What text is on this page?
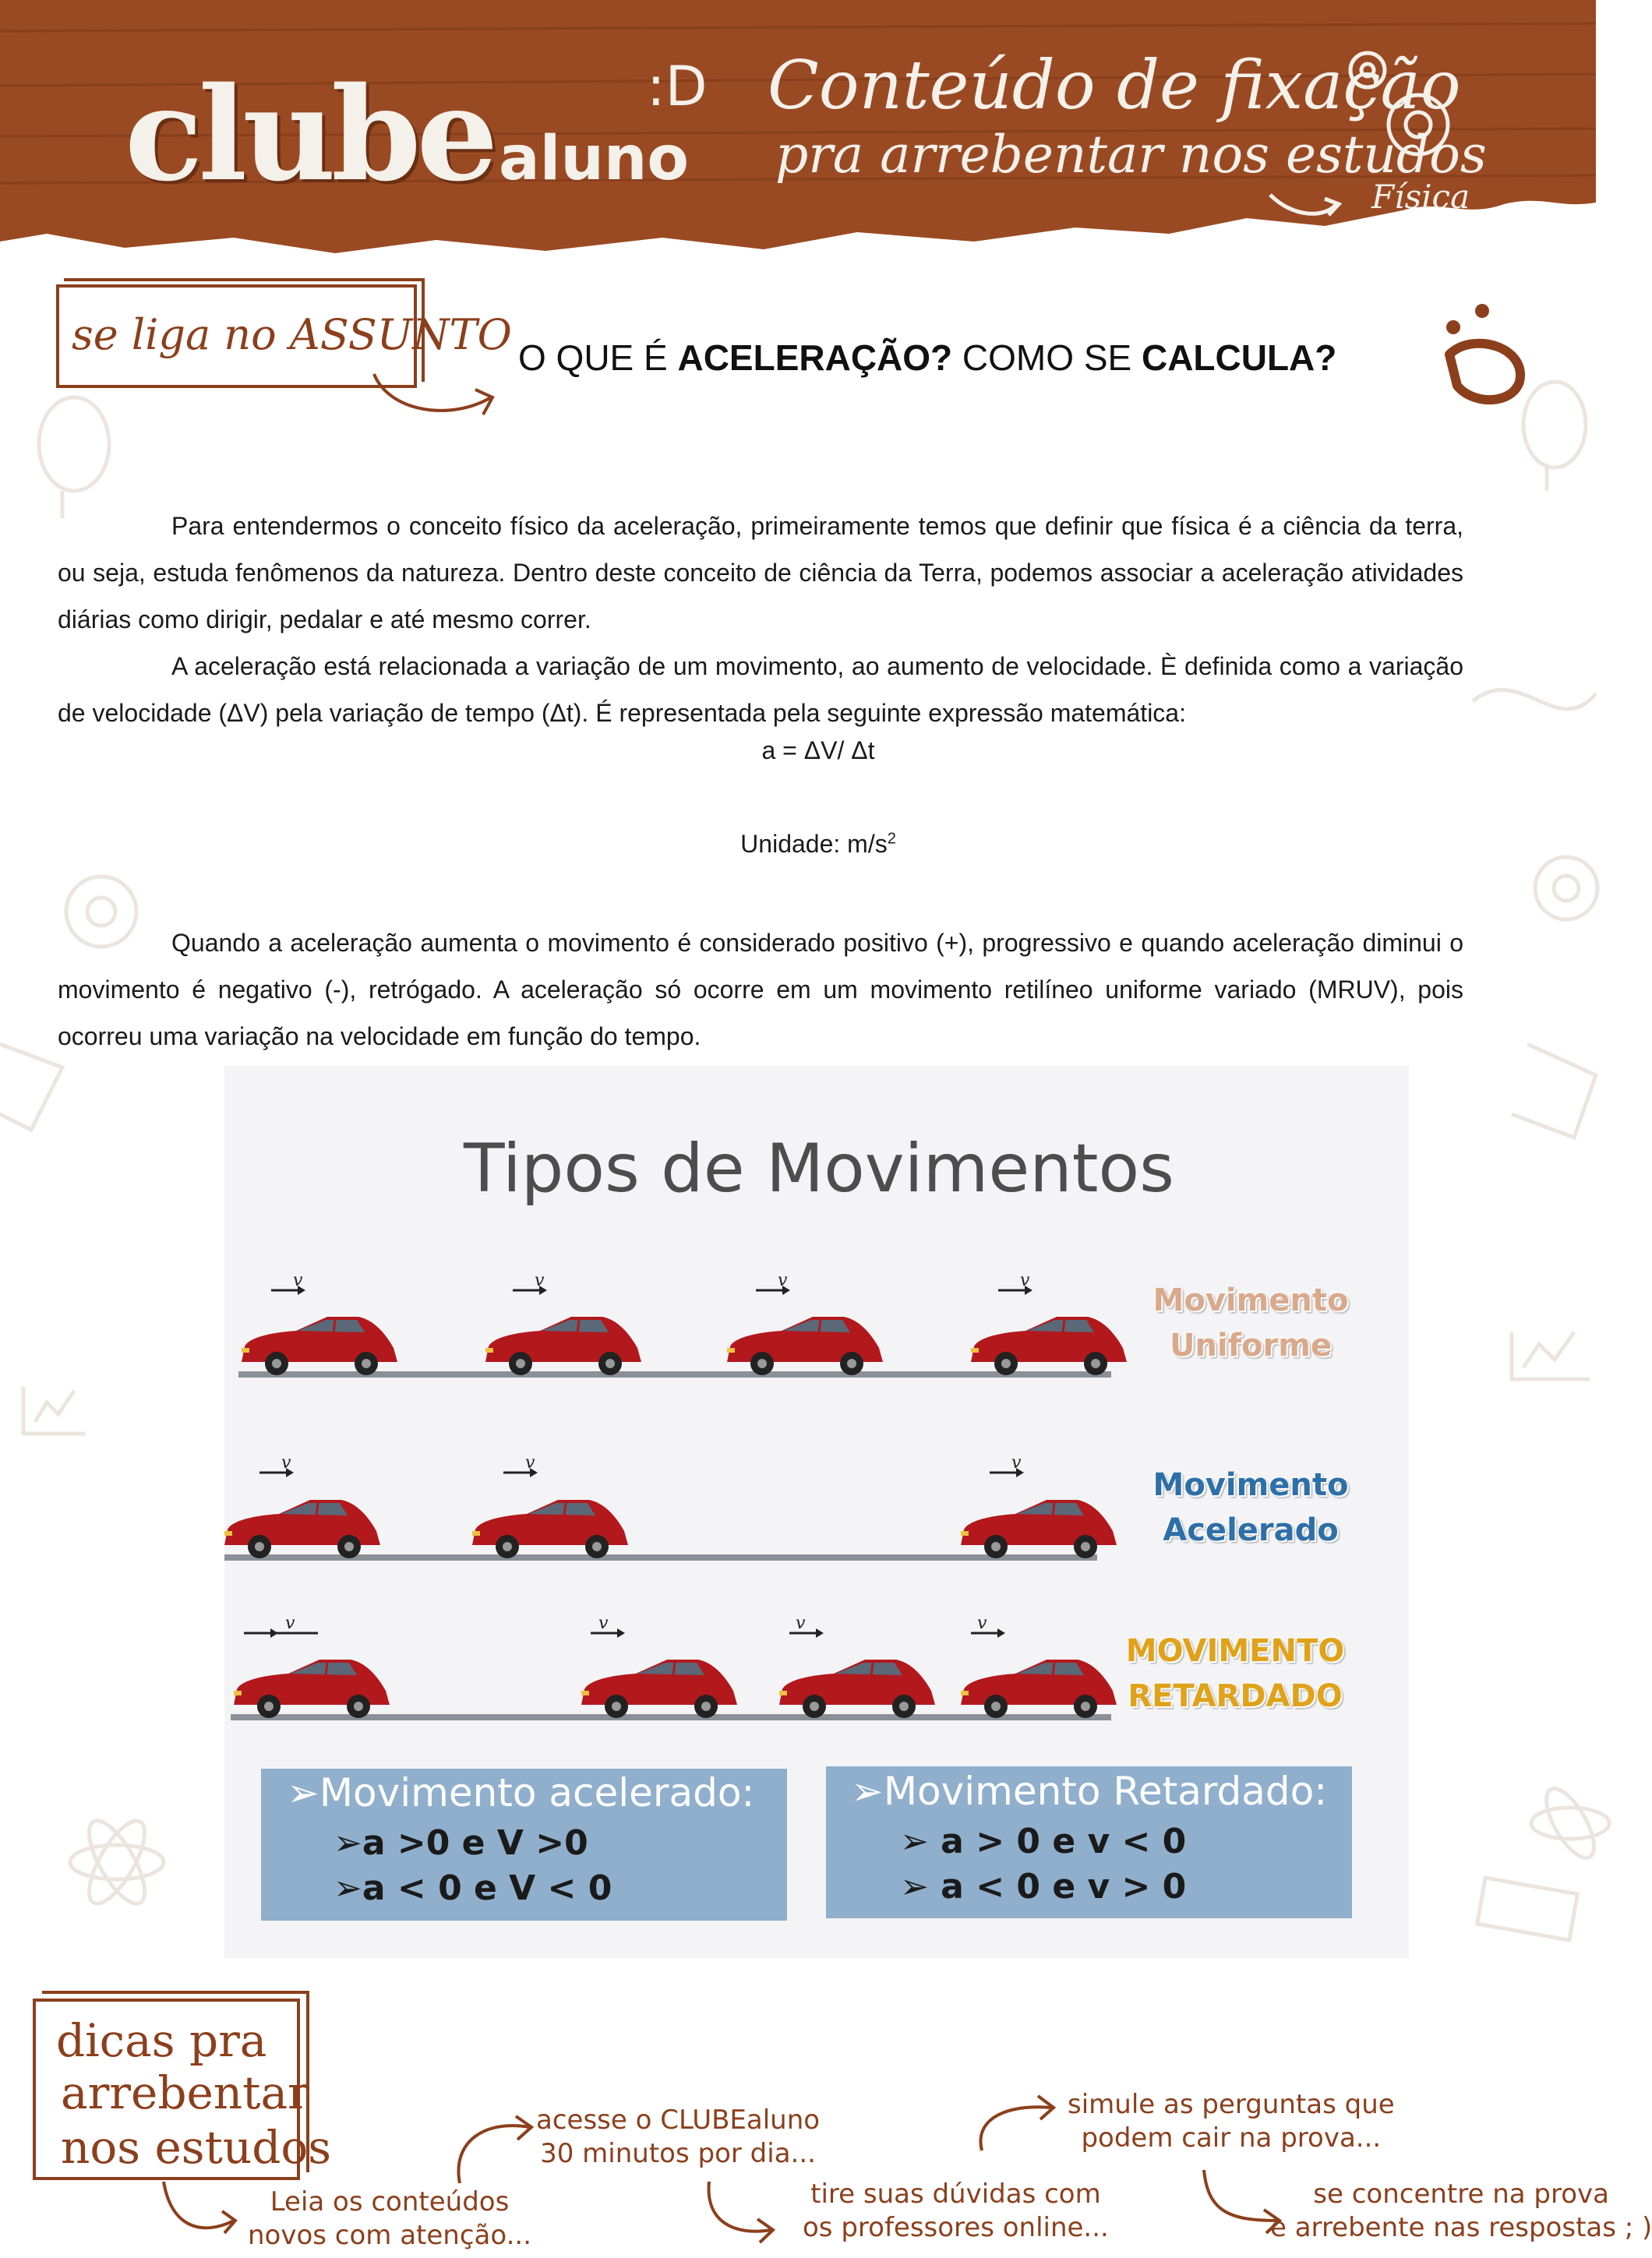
clube aluno
:D Conteúdo de fixação
pra arrebentar nos estudos
Física
se liga no ASSUNTO O QUE É ACELERAÇÃO? COMO SE CALCULA?
Para entendermos o conceito físico da aceleração, primeiramente temos que definir que física é a ciência da terra, ou seja, estuda fenômenos da natureza. Dentro deste conceito de ciência da Terra, podemos associar a aceleração atividades diárias como dirigir, pedalar e até mesmo correr.
A aceleração está relacionada a variação de um movimento, ao aumento de velocidade. È definida como a variação de velocidade (ΔV) pela variação de tempo (Δt). É representada pela seguinte expressão matemática:
a = ΔV/ Δt
Unidade: $m/s^2$
Quando a aceleração aumenta o movimento é considerado positivo (+), progressivo e quando aceleração diminui o movimento é negativo (-), retrógado. A aceleração só ocorre em um movimento retilíneo uniforme variado (MRUV), pois ocorreu uma variação na velocidade em função do tempo.
Tipos de Movimentos
v	v	v	v
v	v	v
v	v	v	v
Movimento
Uniforme
Movimento
Acelerado
MOVIMENTO
RETARDADO
➢Movimento acelerado:
➢a >0 e V >0
➢a < 0 e V < 0
➢Movimento Retardado:
➢ a > 0 e v < 0
➢ a < 0 e v > 0
dicas pra
arrebentar
nos estudos
Leia os conteúdos
novos com atenção...
acesse o CLUBEaluno
30 minutos por dia...
tire suas dúvidas com
os professores online...
simule as perguntas que
podem cair na prova...
se concentre na prova
e arrebente nas respostas ; )
